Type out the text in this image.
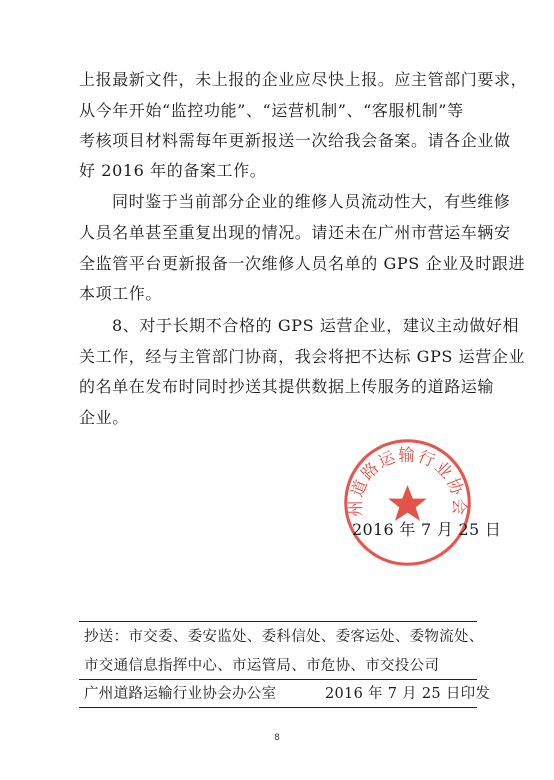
上报最新文件，未上报的企业应尽快上报。应主管部门要求，
从今年开始“监控功能”、“运营机制”、“客服机制”等
考核项目材料需每年更新报送一次给我会备案。请各企业做
好 2016 年的备案工作。
同时鉴于当前部分企业的维修人员流动性大，有些维修
人员名单甚至重复出现的情况。请还未在广州市营运车辆安
全监管平台更新报备一次维修人员名单的 GPS 企业及时跟进
本项工作。
8、对于长期不合格的 GPS 运营企业，建议主动做好相
关工作，经与主管部门协商，我会将把不达标 GPS 运营企业
的名单在发布时同时抄送其提供数据上传服务的道路运输
企业。
州道路运输行业协会
2016 年 7 月 25 日
抄送：市交委、委安监处、委科信处、委客运处、委物流处、
市交通信息指挥中心、市运管局、市危协、市交投公司
广州道路运输行业协会办公室	2016 年 7 月 25 日印发
8
